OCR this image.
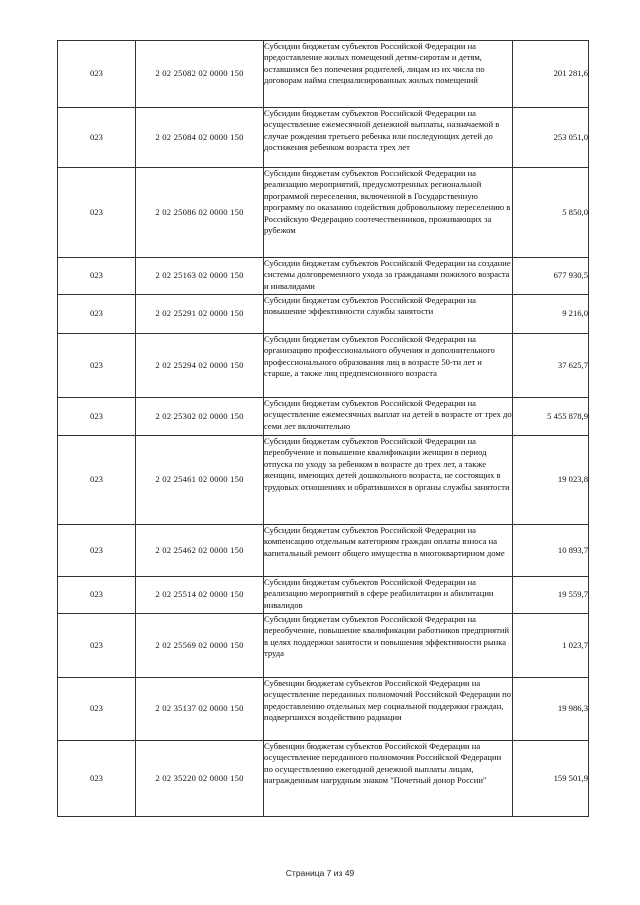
023	2 02 25082 02 0000 150	Субсидии бюджетам субъектов Российской Федерации на предоставление жилых помещений детям-сиротам и детям, оставшимся без попечения родителей, лицам из их числа по договорам найма специализированных жилых помещений	201 281,6
023	2 02 25084 02 0000 150	Субсидии бюджетам субъектов Российской Федерации на осуществление ежемесячной денежной выплаты, назначаемой в случае рождения третьего ребенка или последующих детей до достижения ребенком возраста трех лет	253 051,0
023	2 02 25086 02 0000 150	Субсидии бюджетам субъектов Российской Федерации на реализацию мероприятий, предусмотренных региональной программой переселения, включенной в Государственную программу по оказанию содействия добровольному переселению в Российскую Федерацию соотечественников, проживающих за рубежом	5 850,0
023	2 02 25163 02 0000 150	Субсидии бюджетам субъектов Российской Федерации на создание системы долговременного ухода за гражданами пожилого возраста и инвалидами	677 930,5
023	2 02 25291 02 0000 150	Субсидии бюджетам субъектов Российской Федерации на повышение эффективности службы занятости	9 216,0
023	2 02 25294 02 0000 150	Субсидии бюджетам субъектов Российской Федерации на организацию профессионального обучения и дополнительного профессионального образования лиц в возрасте 50-ти лет и старше, а также лиц предпенсионного возраста	37 625,7
023	2 02 25302 02 0000 150	Субсидии бюджетам субъектов Российской Федерации на осуществление ежемесячных выплат на детей в возрасте от трех до семи лет включительно	5 455 878,9
023	2 02 25461 02 0000 150	Субсидии бюджетам субъектов Российской Федерации на переобучение и повышение квалификации женщин в период отпуска по уходу за ребенком в возрасте до трех лет, а также женщин, имеющих детей дошкольного возраста, не состоящих в трудовых отношениях и обратившихся в органы службы занятости	19 023,8
023	2 02 25462 02 0000 150	Субсидии бюджетам субъектов Российской Федерации на компенсацию отдельным категориям граждан оплаты взноса на капитальный ремонт общего имущества в многоквартирном доме	10 893,7
023	2 02 25514 02 0000 150	Субсидии бюджетам субъектов Российской Федерации на реализацию мероприятий в сфере реабилитации и абилитации инвалидов	19 559,7
023	2 02 25569 02 0000 150	Субсидии бюджетам субъектов Российской Федерации на переобучение, повышение квалификации работников предприятий в целях поддержки занятости и повышения эффективности рынка труда	1 023,7
023	2 02 35137 02 0000 150	Субвенции бюджетам субъектов Российской Федерации на осуществление переданных полномочий Российской Федерации по предоставлению отдельных мер социальной поддержки граждан, подвергшихся воздействию радиации	19 986,3
023	2 02 35220 02 0000 150	Субвенции бюджетам субъектов Российской Федерации на осуществление переданного полномочия Российской Федерации по осуществлению ежегодной денежной выплаты лицам, награжденным нагрудным знаком "Почетный донор России"	159 501,9
Страница 7 из 49
